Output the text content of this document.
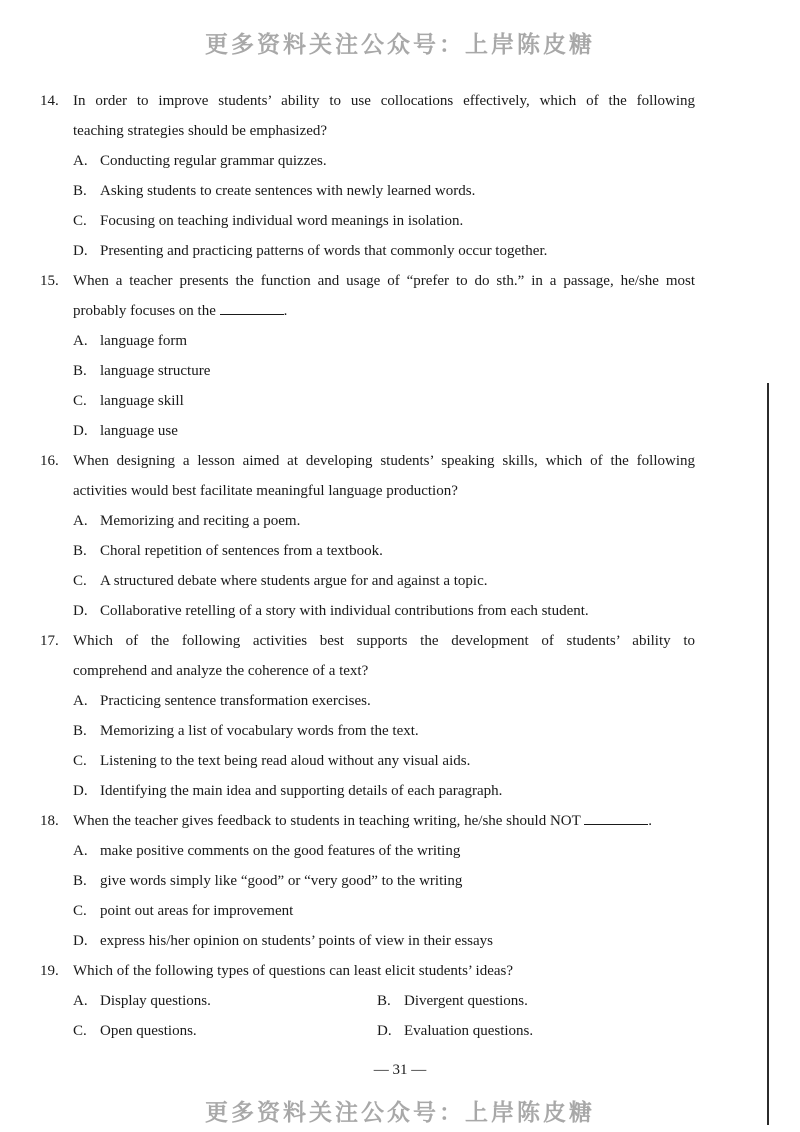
更多资料关注公众号：上岸陈皮糖
14. In order to improve students’ ability to use collocations effectively, which of the following
teaching strategies should be emphasized?
A. Conducting regular grammar quizzes.
B. Asking students to create sentences with newly learned words.
C. Focusing on teaching individual word meanings in isolation.
D. Presenting and practicing patterns of words that commonly occur together.
15. When a teacher presents the function and usage of “prefer to do sth.” in a passage, he/she most
probably focuses on the	.
A. language form
B. language structure
C. language skill
D. language use
16. When designing a lesson aimed at developing students’ speaking skills, which of the following
activities would best facilitate meaningful language production?
A. Memorizing and reciting a poem.
B. Choral repetition of sentences from a textbook.
C. A structured debate where students argue for and against a topic.
D. Collaborative retelling of a story with individual contributions from each student.
17. Which of the following activities best supports the development of students’ ability to
comprehend and analyze the coherence of a text?
A. Practicing sentence transformation exercises.
B. Memorizing a list of vocabulary words from the text.
C. Listening to the text being read aloud without any visual aids.
D. Identifying the main idea and supporting details of each paragraph.
18. When the teacher gives feedback to students in teaching writing, he/she should NOT	.
A. make positive comments on the good features of the writing
B. give words simply like “good” or “very good” to the writing
C. point out areas for improvement
D. express his/her opinion on students’ points of view in their essays
19. Which of the following types of questions can least elicit students’ ideas?
A. Display questions.	B. Divergent questions.
C. Open questions.	D. Evaluation questions.
— 31 —
更多资料关注公众号：上岸陈皮糖
